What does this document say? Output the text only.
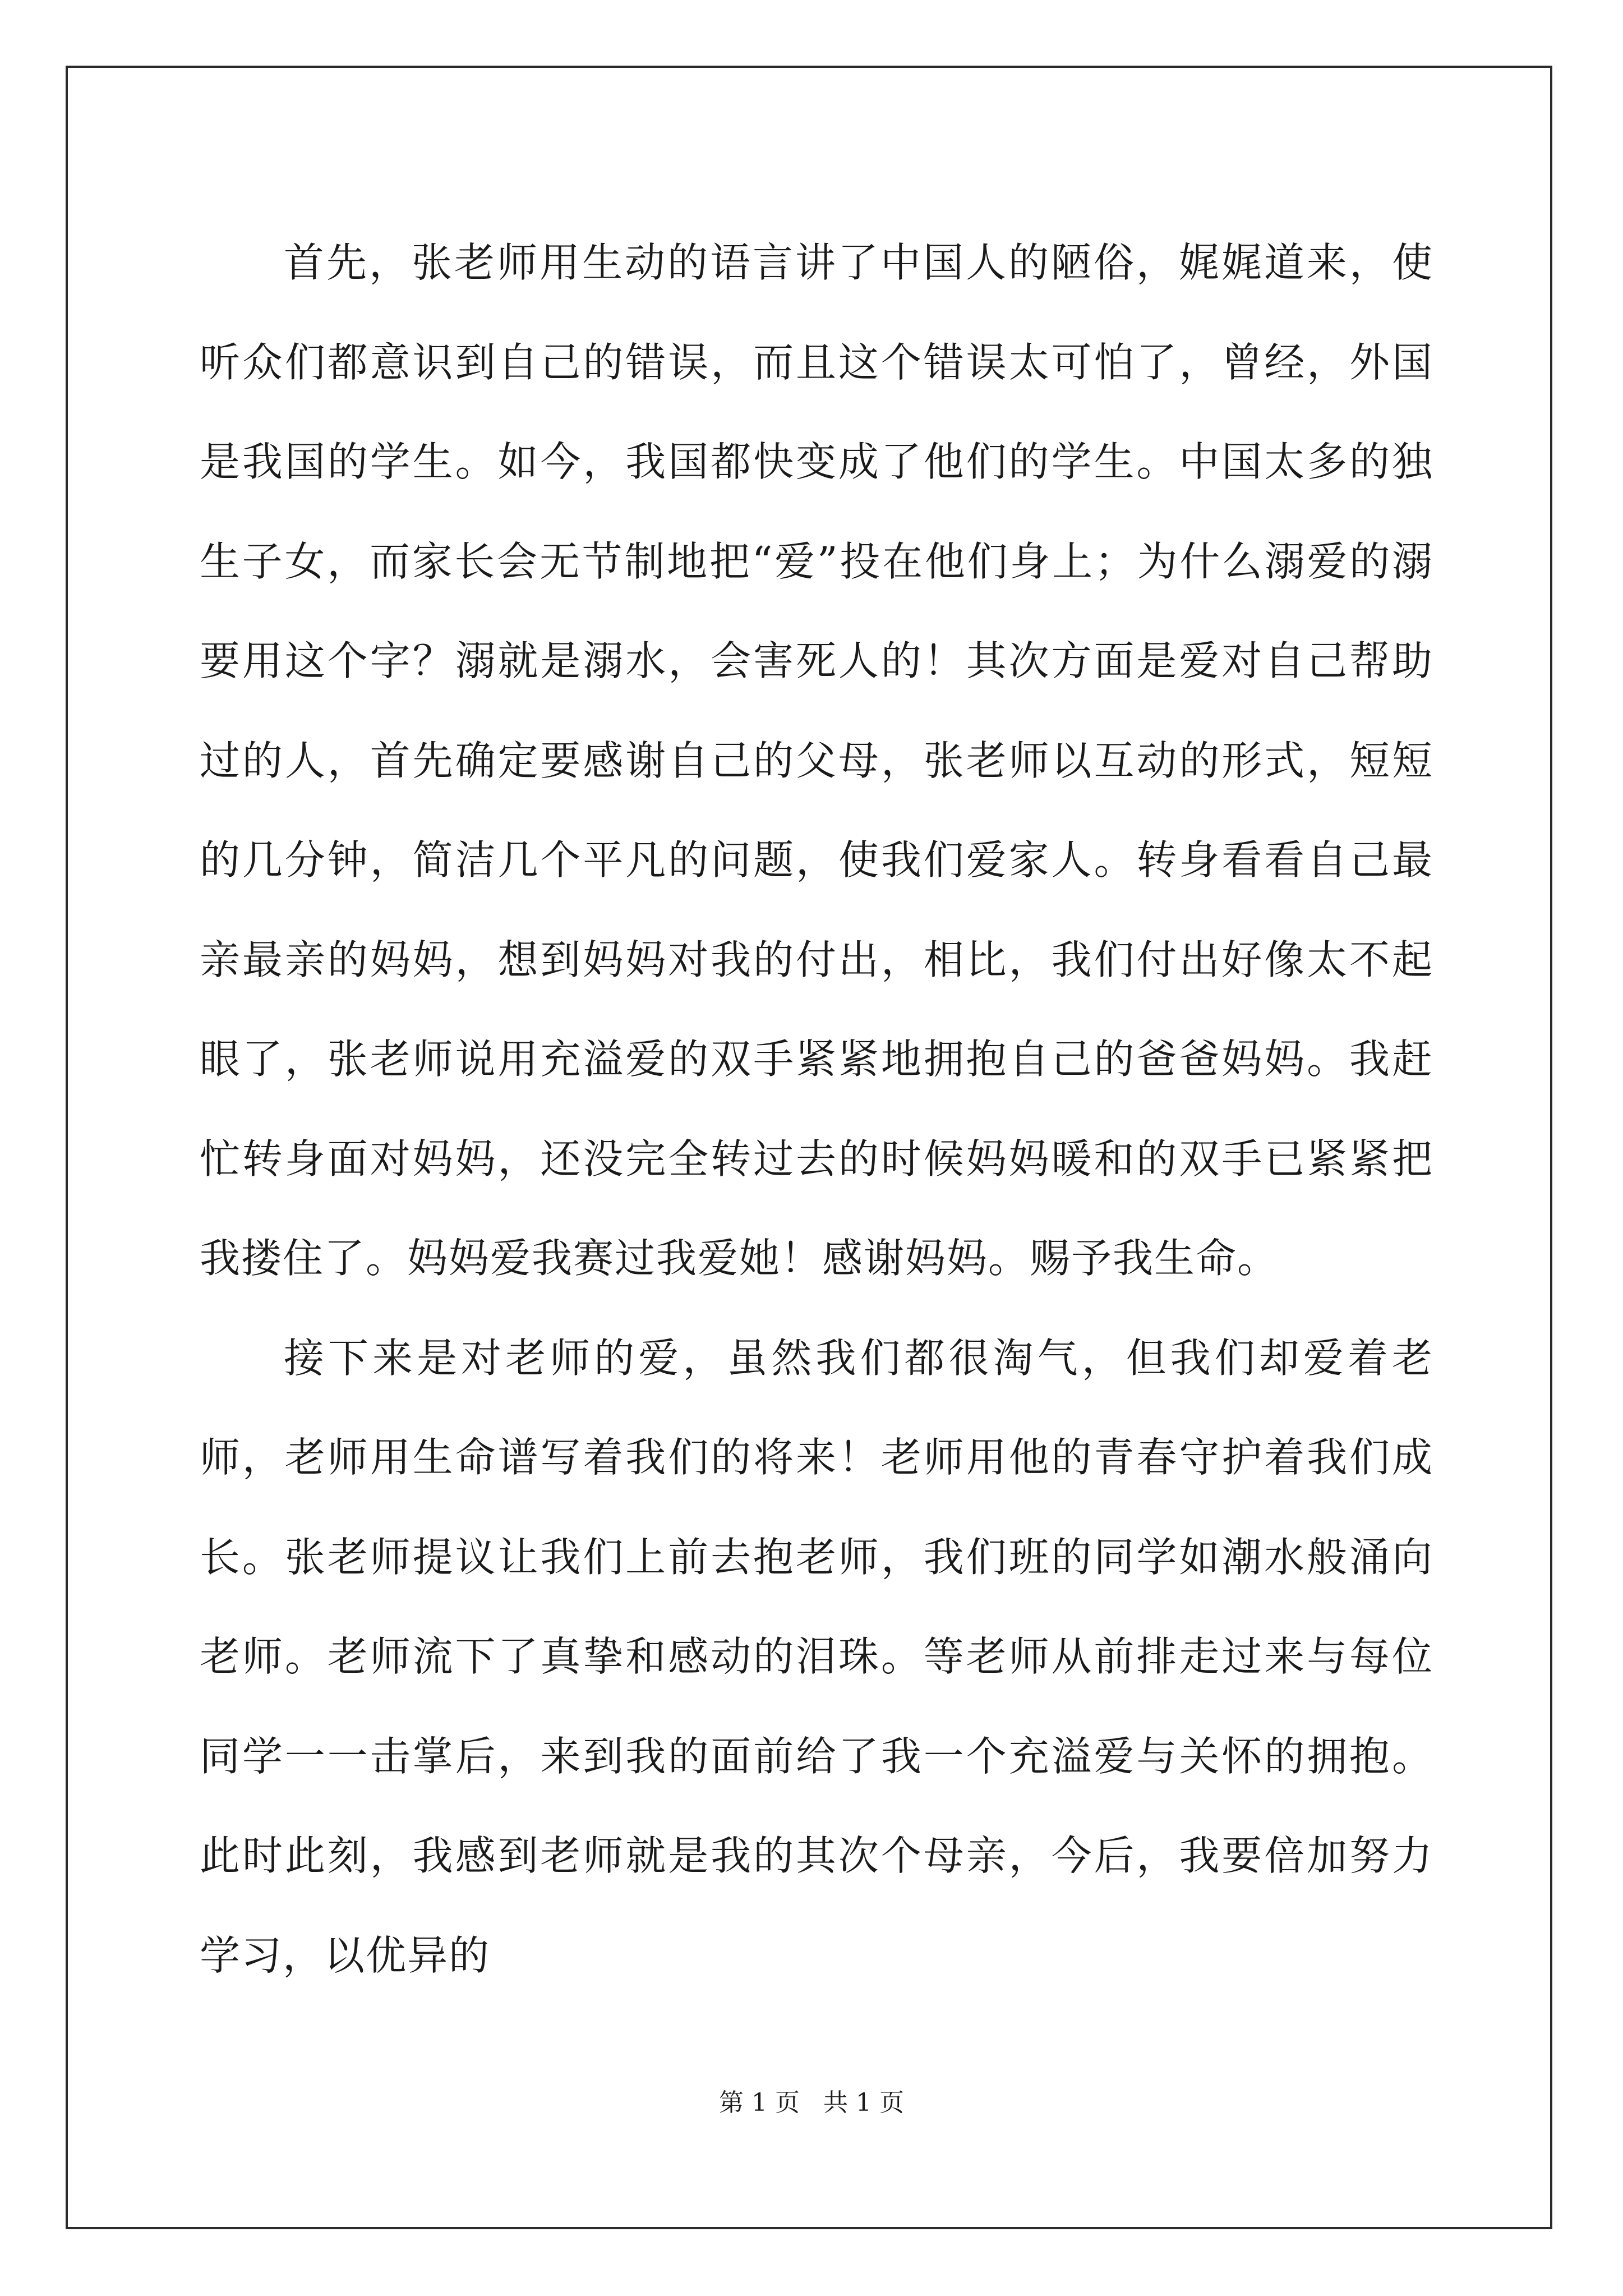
首先，张老师用生动的语言讲了中国人的陋俗，娓娓道来，使听众们都意识到自己的错误，而且这个错误太可怕了，曾经，外国是我国的学生。如今，我国都快变成了他们的学生。中国太多的独生子女，而家长会无节制地把“爱”投在他们身上；为什么溺爱的溺要用这个字？溺就是溺水，会害死人的！其次方面是爱对自己帮助过的人，首先确定要感谢自己的父母，张老师以互动的形式，短短的几分钟，简洁几个平凡的问题，使我们爱家人。转身看看自己最亲最亲的妈妈，想到妈妈对我的付出，相比，我们付出好像太不起眼了，张老师说用充溢爱的双手紧紧地拥抱自己的爸爸妈妈。我赶忙转身面对妈妈，还没完全转过去的时候妈妈暖和的双手已紧紧把我搂住了。妈妈爱我赛过我爱她！感谢妈妈。赐予我生命。

接下来是对老师的爱，虽然我们都很淘气，但我们却爱着老师，老师用生命谱写着我们的将来！老师用他的青春守护着我们成长。张老师提议让我们上前去抱老师，我们班的同学如潮水般涌向老师。老师流下了真挚和感动的泪珠。等老师从前排走过来与每位同学一一击掌后，来到我的面前给了我一个充溢爱与关怀的拥抱。此时此刻，我感到老师就是我的其次个母亲，今后，我要倍加努力学习，以优异的

第 1 页   共 1 页
